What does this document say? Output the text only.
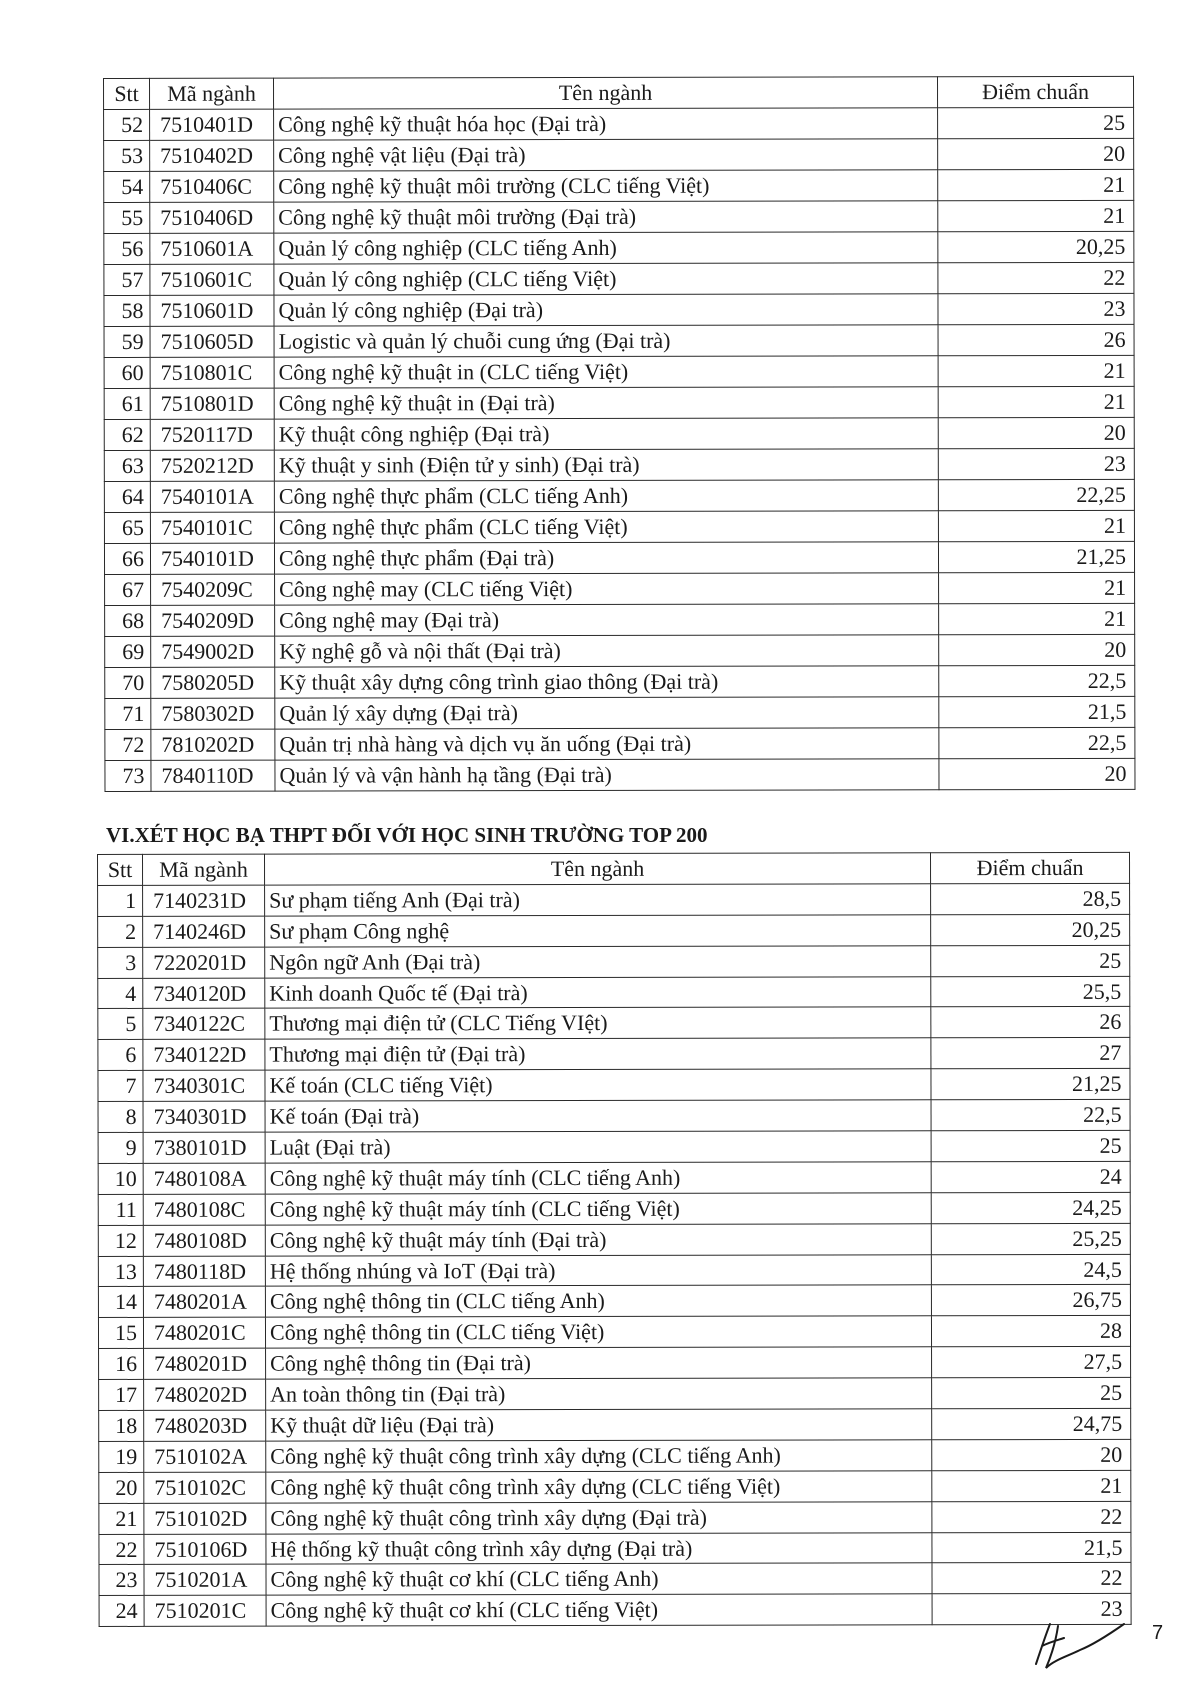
Stt	Mã ngành	Tên ngành	Điểm chuẩn
52	7510401D	Công nghệ kỹ thuật hóa học (Đại trà)	25
53	7510402D	Công nghệ vật liệu (Đại trà)	20
54	7510406C	Công nghệ kỹ thuật môi trường (CLC tiếng Việt)	21
55	7510406D	Công nghệ kỹ thuật môi trường (Đại trà)	21
56	7510601A	Quản lý công nghiệp (CLC tiếng Anh)	20,25
57	7510601C	Quản lý công nghiệp (CLC tiếng Việt)	22
58	7510601D	Quản lý công nghiệp (Đại trà)	23
59	7510605D	Logistic và quản lý chuỗi cung ứng (Đại trà)	26
60	7510801C	Công nghệ kỹ thuật in (CLC tiếng Việt)	21
61	7510801D	Công nghệ kỹ thuật in (Đại trà)	21
62	7520117D	Kỹ thuật công nghiệp (Đại trà)	20
63	7520212D	Kỹ thuật y sinh (Điện tử y sinh) (Đại trà)	23
64	7540101A	Công nghệ thực phẩm (CLC tiếng Anh)	22,25
65	7540101C	Công nghệ thực phẩm (CLC tiếng Việt)	21
66	7540101D	Công nghệ thực phẩm (Đại trà)	21,25
67	7540209C	Công nghệ may (CLC tiếng Việt)	21
68	7540209D	Công nghệ may (Đại trà)	21
69	7549002D	Kỹ nghệ gỗ và nội thất (Đại trà)	20
70	7580205D	Kỹ thuật xây dựng công trình giao thông (Đại trà)	22,5
71	7580302D	Quản lý xây dựng (Đại trà)	21,5
72	7810202D	Quản trị nhà hàng và dịch vụ ăn uống (Đại trà)	22,5
73	7840110D	Quản lý và vận hành hạ tầng (Đại trà)	20
VI.XÉT HỌC BẠ THPT ĐỐI VỚI HỌC SINH TRƯỜNG TOP 200
Stt	Mã ngành	Tên ngành	Điểm chuẩn
1	7140231D	Sư phạm tiếng Anh (Đại trà)	28,5
2	7140246D	Sư phạm Công nghệ	20,25
3	7220201D	Ngôn ngữ Anh (Đại trà)	25
4	7340120D	Kinh doanh Quốc tế (Đại trà)	25,5
5	7340122C	Thương mại điện tử (CLC Tiếng VIệt)	26
6	7340122D	Thương mại điện tử (Đại trà)	27
7	7340301C	Kế toán (CLC tiếng Việt)	21,25
8	7340301D	Kế toán (Đại trà)	22,5
9	7380101D	Luật (Đại trà)	25
10	7480108A	Công nghệ kỹ thuật máy tính (CLC tiếng Anh)	24
11	7480108C	Công nghệ kỹ thuật máy tính (CLC tiếng Việt)	24,25
12	7480108D	Công nghệ kỹ thuật máy tính (Đại trà)	25,25
13	7480118D	Hệ thống nhúng và IoT (Đại trà)	24,5
14	7480201A	Công nghệ thông tin (CLC tiếng Anh)	26,75
15	7480201C	Công nghệ thông tin (CLC tiếng Việt)	28
16	7480201D	Công nghệ thông tin (Đại trà)	27,5
17	7480202D	An toàn thông tin (Đại trà)	25
18	7480203D	Kỹ thuật dữ liệu (Đại trà)	24,75
19	7510102A	Công nghệ kỹ thuật công trình xây dựng (CLC tiếng Anh)	20
20	7510102C	Công nghệ kỹ thuật công trình xây dựng (CLC tiếng Việt)	21
21	7510102D	Công nghệ kỹ thuật công trình xây dựng (Đại trà)	22
22	7510106D	Hệ thống kỹ thuật công trình xây dựng (Đại trà)	21,5
23	7510201A	Công nghệ kỹ thuật cơ khí (CLC tiếng Anh)	22
24	7510201C	Công nghệ kỹ thuật cơ khí (CLC tiếng Việt)	23
7
